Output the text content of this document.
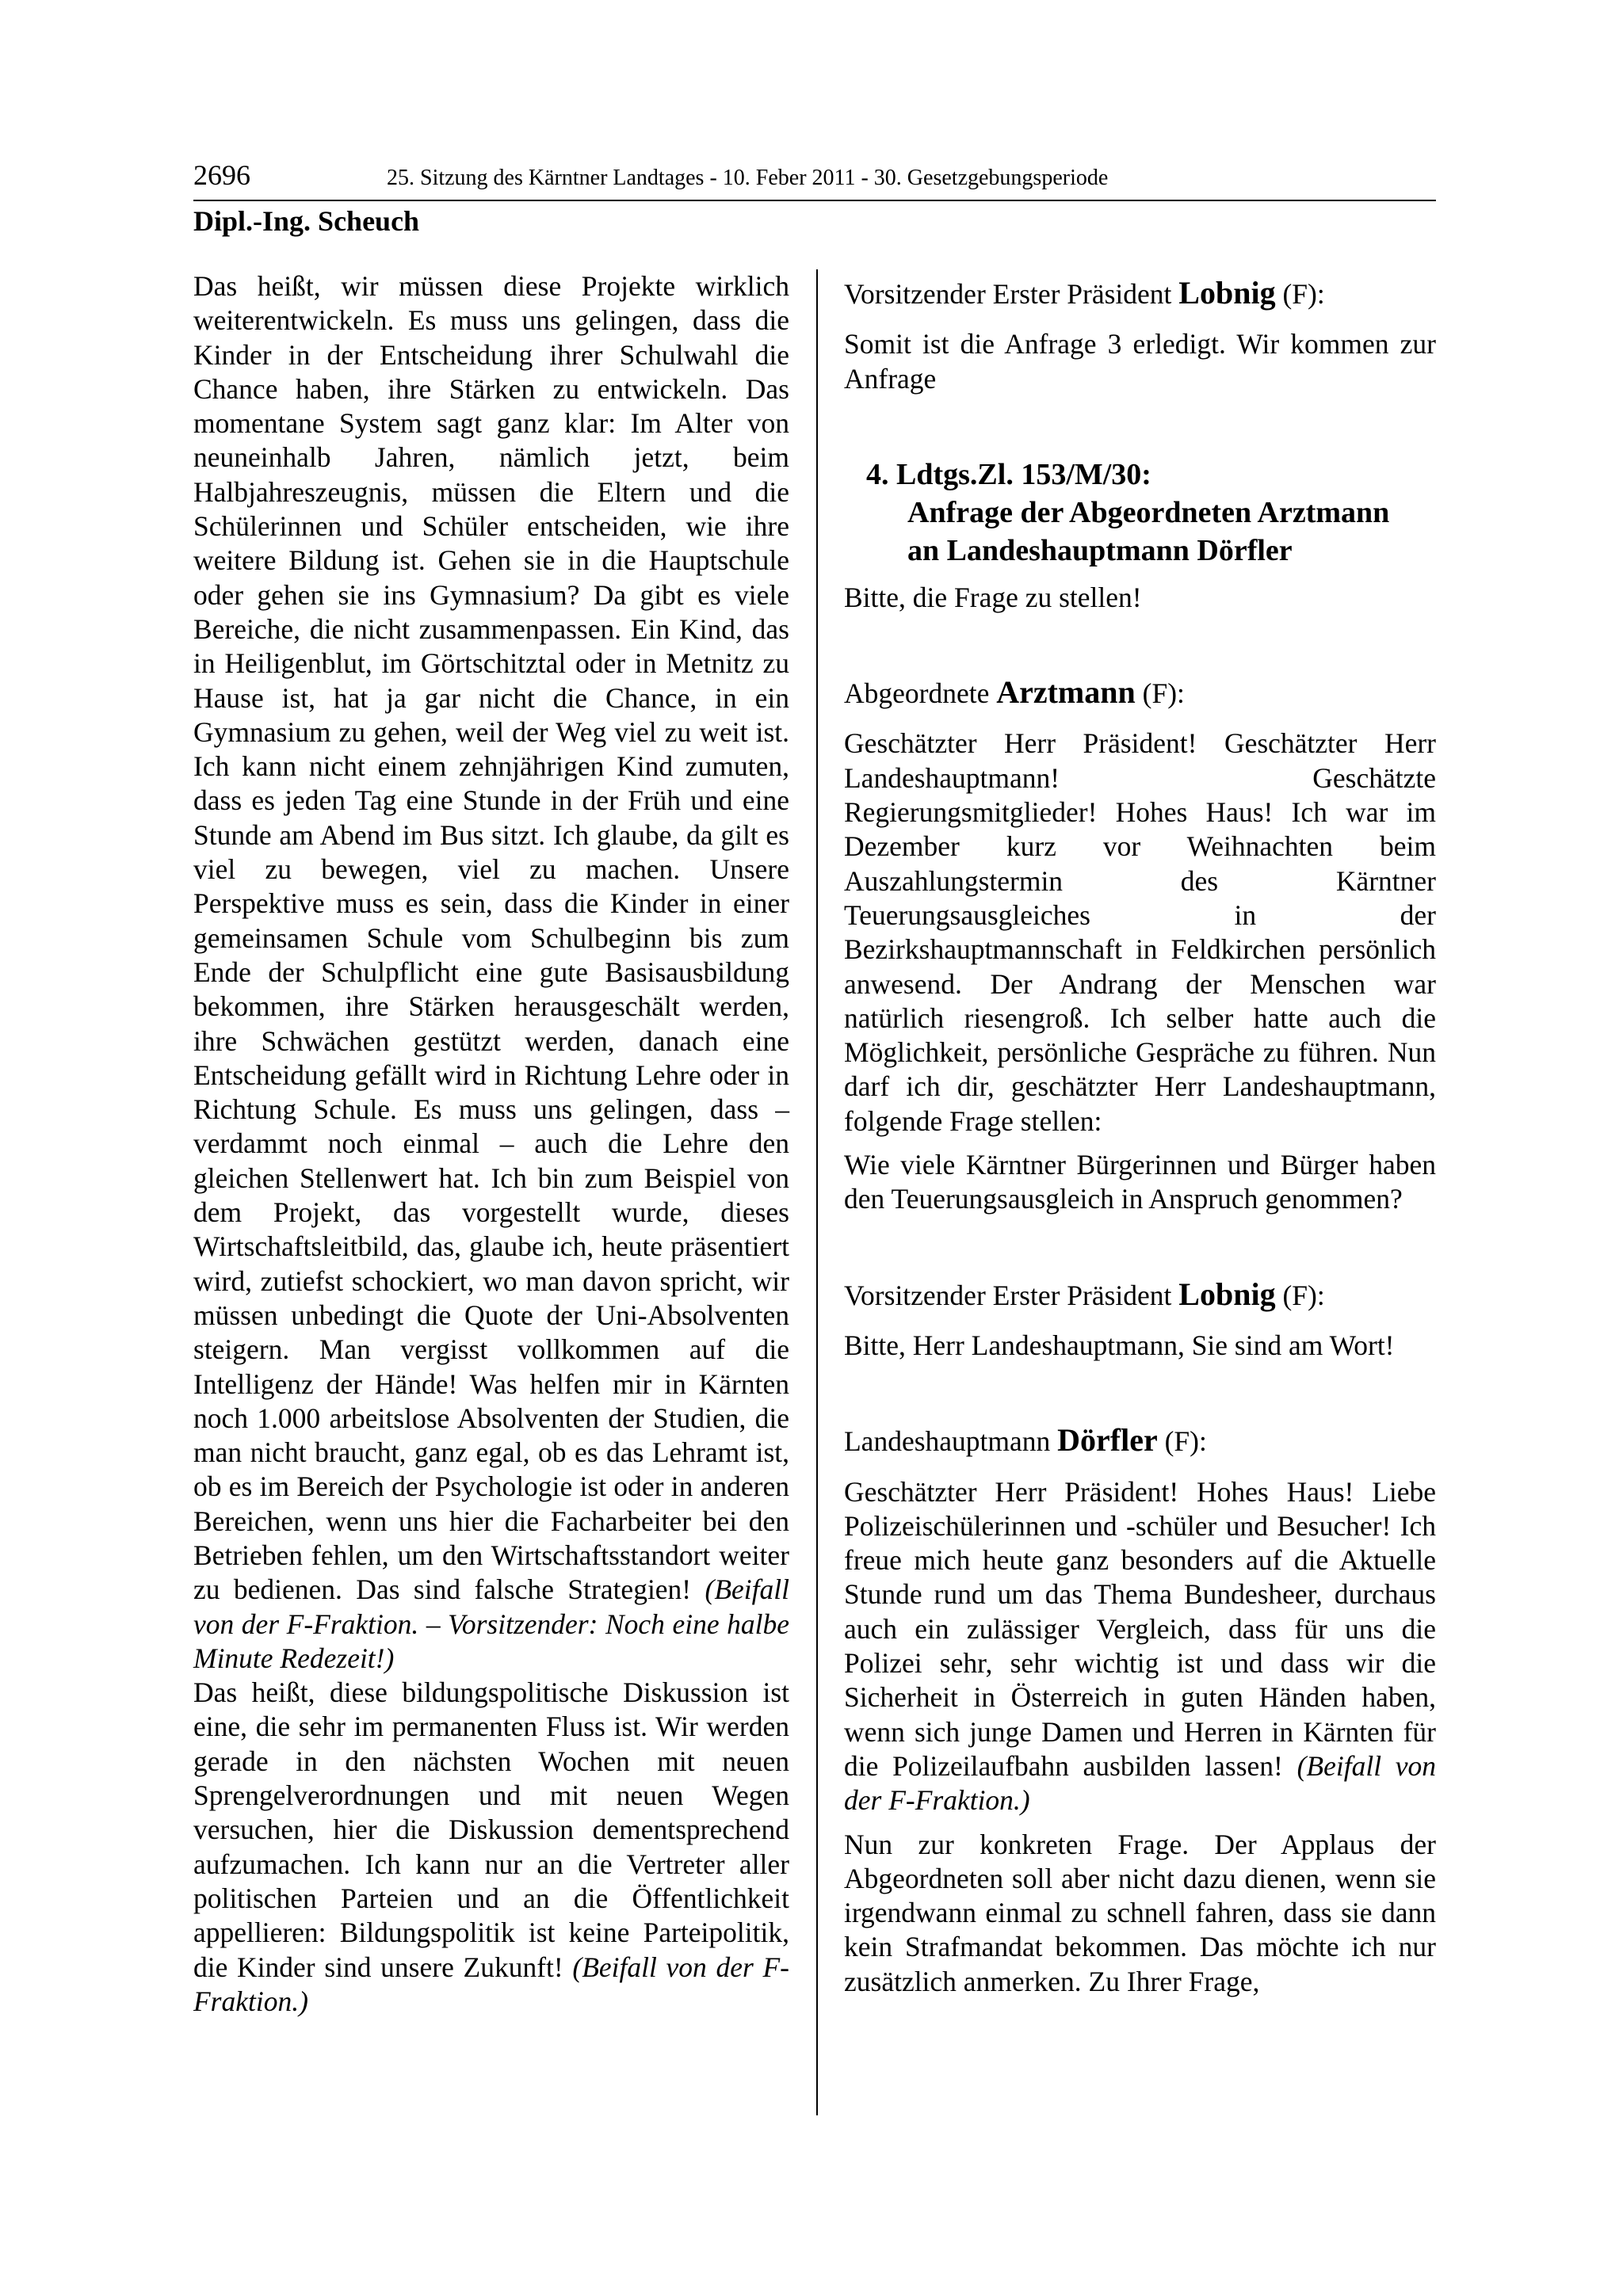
2696	25. Sitzung des Kärntner Landtages - 10. Feber 2011 - 30. Gesetzgebungsperiode
Dipl.-Ing. Scheuch

Das heißt, wir müssen diese Projekte wirklich weiterentwickeln. Es muss uns gelingen, dass die Kinder in der Entscheidung ihrer Schulwahl die Chance haben, ihre Stärken zu entwickeln. Das momentane System sagt ganz klar: Im Alter von neuneinhalb Jahren, nämlich jetzt, beim Halbjahreszeugnis, müssen die Eltern und die Schülerinnen und Schüler entscheiden, wie ihre weitere Bildung ist. Gehen sie in die Hauptschule oder gehen sie ins Gymnasium? Da gibt es viele Bereiche, die nicht zusammenpassen. Ein Kind, das in Heiligenblut, im Görtschitztal oder in Metnitz zu Hause ist, hat ja gar nicht die Chance, in ein Gymnasium zu gehen, weil der Weg viel zu weit ist. Ich kann nicht einem zehnjährigen Kind zumuten, dass es jeden Tag eine Stunde in der Früh und eine Stunde am Abend im Bus sitzt. Ich glaube, da gilt es viel zu bewegen, viel zu machen. Unsere Perspektive muss es sein, dass die Kinder in einer gemeinsamen Schule vom Schulbeginn bis zum Ende der Schulpflicht eine gute Basisausbildung bekommen, ihre Stärken herausgeschält werden, ihre Schwächen gestützt werden, danach eine Entscheidung gefällt wird in Richtung Lehre oder in Richtung Schule. Es muss uns gelingen, dass – verdammt noch einmal – auch die Lehre den gleichen Stellenwert hat. Ich bin zum Beispiel von dem Projekt, das vorgestellt wurde, dieses Wirtschaftsleitbild, das, glaube ich, heute präsentiert wird, zutiefst schockiert, wo man davon spricht, wir müssen unbedingt die Quote der Uni-Absolventen steigern. Man vergisst vollkommen auf die Intelligenz der Hände! Was helfen mir in Kärnten noch 1.000 arbeitslose Absolventen der Studien, die man nicht braucht, ganz egal, ob es das Lehramt ist, ob es im Bereich der Psychologie ist oder in anderen Bereichen, wenn uns hier die Facharbeiter bei den Betrieben fehlen, um den Wirtschaftsstandort weiter zu bedienen. Das sind falsche Strategien! (Beifall von der F-Fraktion. – Vorsitzender: Noch eine halbe Minute Redezeit!)

Das heißt, diese bildungspolitische Diskussion ist eine, die sehr im permanenten Fluss ist. Wir werden gerade in den nächsten Wochen mit neuen Sprengelverordnungen und mit neuen Wegen versuchen, hier die Diskussion dementsprechend aufzumachen. Ich kann nur an die Vertreter aller politischen Parteien und an die Öffentlichkeit appellieren: Bildungspolitik ist keine Parteipolitik, die Kinder sind unsere Zukunft! (Beifall von der F-Fraktion.)

Vorsitzender Erster Präsident Lobnig (F):

Somit ist die Anfrage 3 erledigt. Wir kommen zur Anfrage

4. Ldtgs.Zl. 153/M/30:
Anfrage der Abgeordneten Arztmann
an Landeshauptmann Dörfler

Bitte, die Frage zu stellen!

Abgeordnete Arztmann (F):

Geschätzter Herr Präsident! Geschätzter Herr Landeshauptmann! Geschätzte Regierungsmitglieder! Hohes Haus! Ich war im Dezember kurz vor Weihnachten beim Auszahlungstermin des Kärntner Teuerungsausgleiches in der Bezirkshauptmannschaft in Feldkirchen persönlich anwesend. Der Andrang der Menschen war natürlich riesengroß. Ich selber hatte auch die Möglichkeit, persönliche Gespräche zu führen. Nun darf ich dir, geschätzter Herr Landeshauptmann, folgende Frage stellen:

Wie viele Kärntner Bürgerinnen und Bürger haben den Teuerungsausgleich in Anspruch genommen?

Vorsitzender Erster Präsident Lobnig (F):

Bitte, Herr Landeshauptmann, Sie sind am Wort!

Landeshauptmann Dörfler (F):

Geschätzter Herr Präsident! Hohes Haus! Liebe Polizeischülerinnen und -schüler und Besucher! Ich freue mich heute ganz besonders auf die Aktuelle Stunde rund um das Thema Bundesheer, durchaus auch ein zulässiger Vergleich, dass für uns die Polizei sehr, sehr wichtig ist und dass wir die Sicherheit in Österreich in guten Händen haben, wenn sich junge Damen und Herren in Kärnten für die Polizeilaufbahn ausbilden lassen! (Beifall von der F-Fraktion.)

Nun zur konkreten Frage. Der Applaus der Abgeordneten soll aber nicht dazu dienen, wenn sie irgendwann einmal zu schnell fahren, dass sie dann kein Strafmandat bekommen. Das möchte ich nur zusätzlich anmerken. Zu Ihrer Frage,
